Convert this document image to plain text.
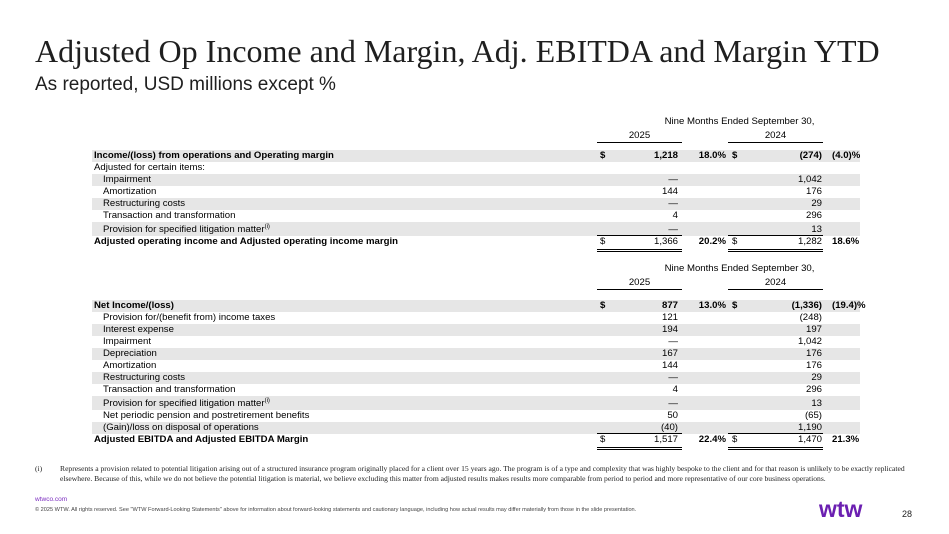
Adjusted Op Income and Margin, Adj. EBITDA and Margin YTD
As reported, USD millions except %
Nine Months Ended September 30,
2025	2024
Income/(loss) from operations and Operating margin	$	1,218	18.0% $	(274) (4.0)%
Adjusted for certain items:
Impairment	—	1,042
Amortization	144	176
Restructuring costs	—	29
Transaction and transformation	4	296
Provision for specified litigation matter$^{(i)}$	—	13
Adjusted operating income and Adjusted operating income margin	$	1,366	20.2% $	1,282 18.6%
Nine Months Ended September 30,
2025	2024
Net Income/(loss)	$	877	13.0% $	(1,336) (19.4)%
Provision for/(benefit from) income taxes	121	(248)
Interest expense	194	197
Impairment	—	1,042
Depreciation	167	176
Amortization	144	176
Restructuring costs	—	29
Transaction and transformation	4	296
Provision for specified litigation matter$^{(i)}$	—	13
Net periodic pension and postretirement benefits	50	(65)
(Gain)/loss on disposal of operations	(40)	1,190
Adjusted EBITDA and Adjusted EBITDA Margin	$	1,517	22.4% $	1,470 21.3%
(i) Represents a provision related to potential litigation arising out of a structured insurance program originally placed for a client over 15 years ago. The program is of a type and complexity that was highly bespoke to the client and for that reason is unlikely to be exactly replicated elsewhere. Because of this, while we do not believe the potential litigation is material, we believe excluding this matter from adjusted results makes results more comparable from period to period and more representative of our core business operations.
wtwco.com
© 2025 WTW. All rights reserved. See "WTW Forward-Looking Statements" above for information about forward-looking statements and cautionary language, including how actual results may differ materially from those in the slide presentation.	wtw	28
